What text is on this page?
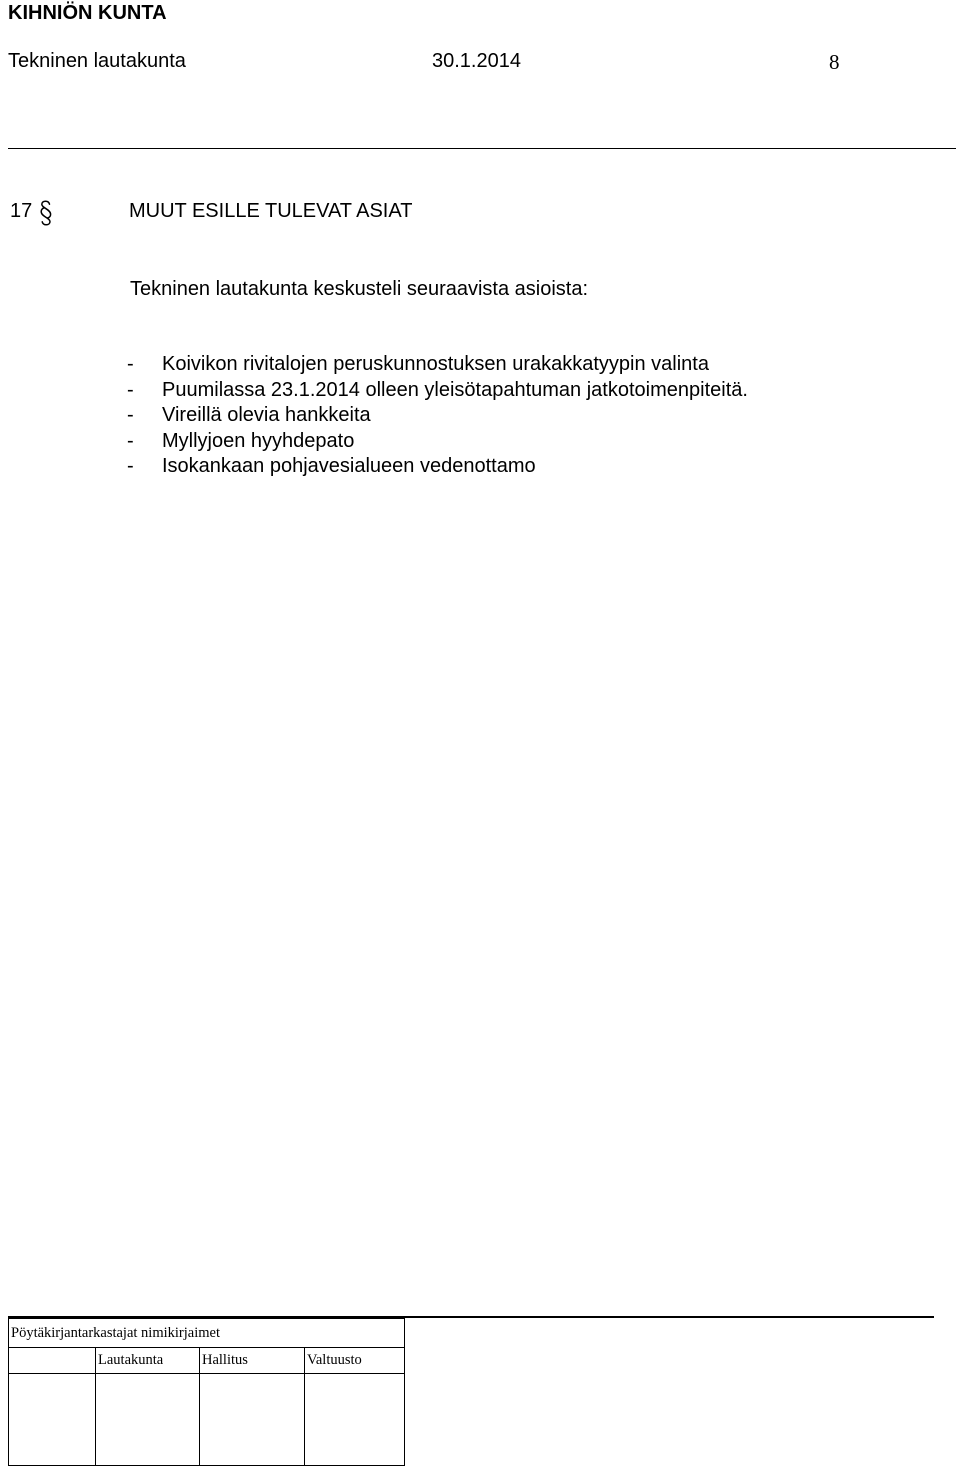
KIHNIÖN KUNTA
Tekninen lautakunta	30.1.2014	8
17	MUUT ESILLE TULEVAT ASIAT
Tekninen lautakunta keskusteli seuraavista asioista:
- Koivikon rivitalojen peruskunnostuksen urakakkatyypin valinta
- Puumilassa 23.1.2014 olleen yleisötapahtuman jatkotoimenpiteitä.
- Vireillä olevia hankkeita
- Myllyjoen hyyhdepato
- Isokankaan pohjavesialueen vedenottamo
Pöytäkirjantarkastajat nimikirjaimet			
	Lautakunta	Hallitus	Valtuusto
